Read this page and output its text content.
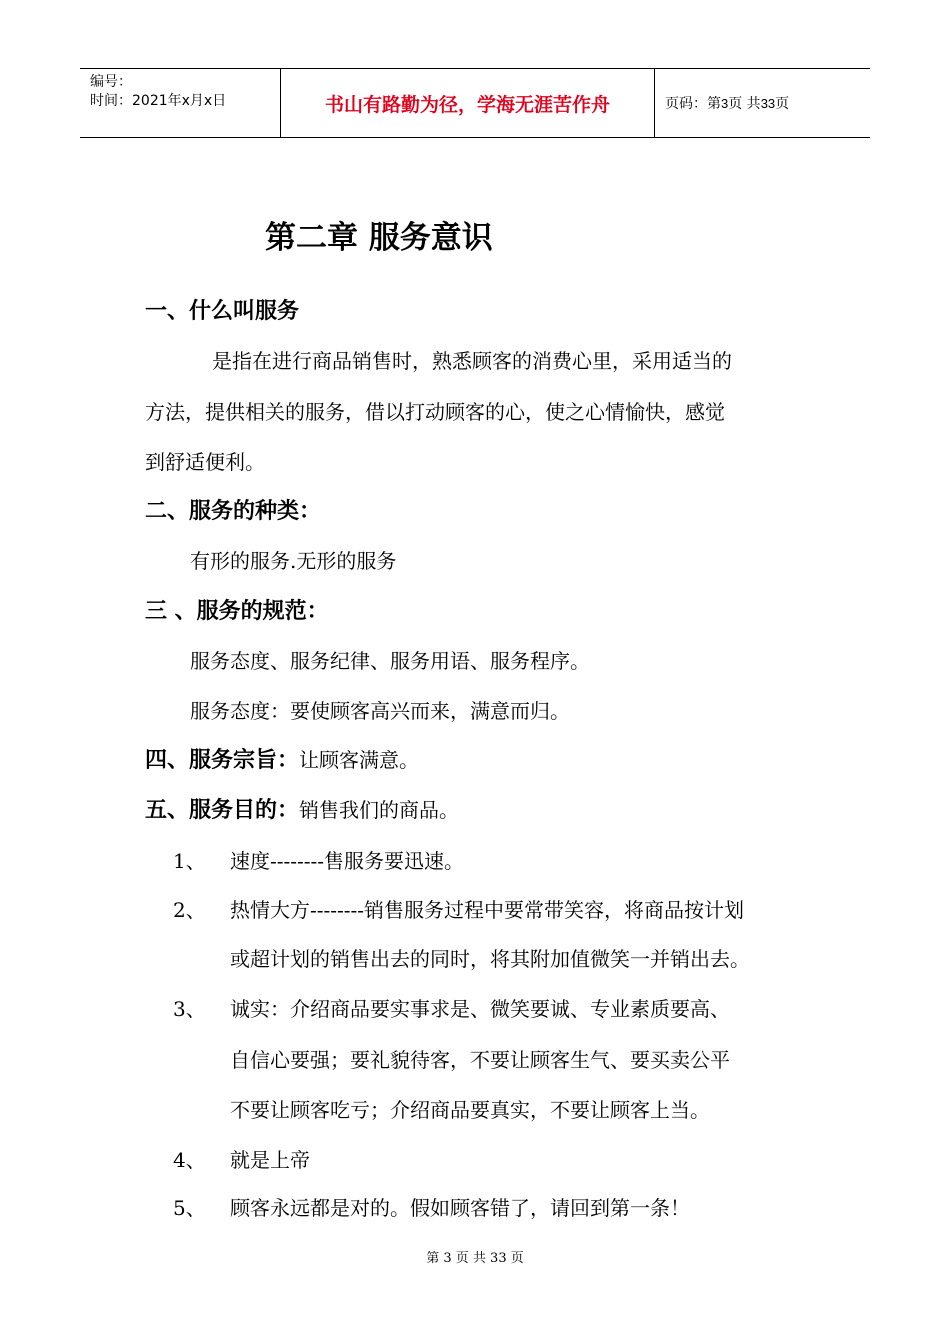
编号：
时间：2021年x月x日	书山有路勤为径，学海无涯苦作舟	页码：第 3 页 共 33 页
第二章 服务意识
一、什么叫服务
是指在进行商品销售时，熟悉顾客的消费心里，采用适当的
方法，提供相关的服务，借以打动顾客的心，使之心情愉快，感觉
到舒适便利。
二、服务的种类：
有形的服务.无形的服务
三 、服务的规范：
服务态度、服务纪律、服务用语、服务程序。
服务态度：要使顾客高兴而来，满意而归。
四、服务宗旨：让顾客满意。
五、服务目的：销售我们的商品。
1、 速度--------售服务要迅速。
2、 热情大方--------销售服务过程中要常带笑容，将商品按计划
或超计划的销售出去的同时，将其附加值微笑一并销出去。
3、 诚实：介绍商品要实事求是、微笑要诚、专业素质要高、
自信心要强；要礼貌待客，不要让顾客生气、要买卖公平
不要让顾客吃亏；介绍商品要真实，不要让顾客上当。
4、 就是上帝
5、 顾客永远都是对的。假如顾客错了，请回到第一条！
第 3 页 共 33 页
